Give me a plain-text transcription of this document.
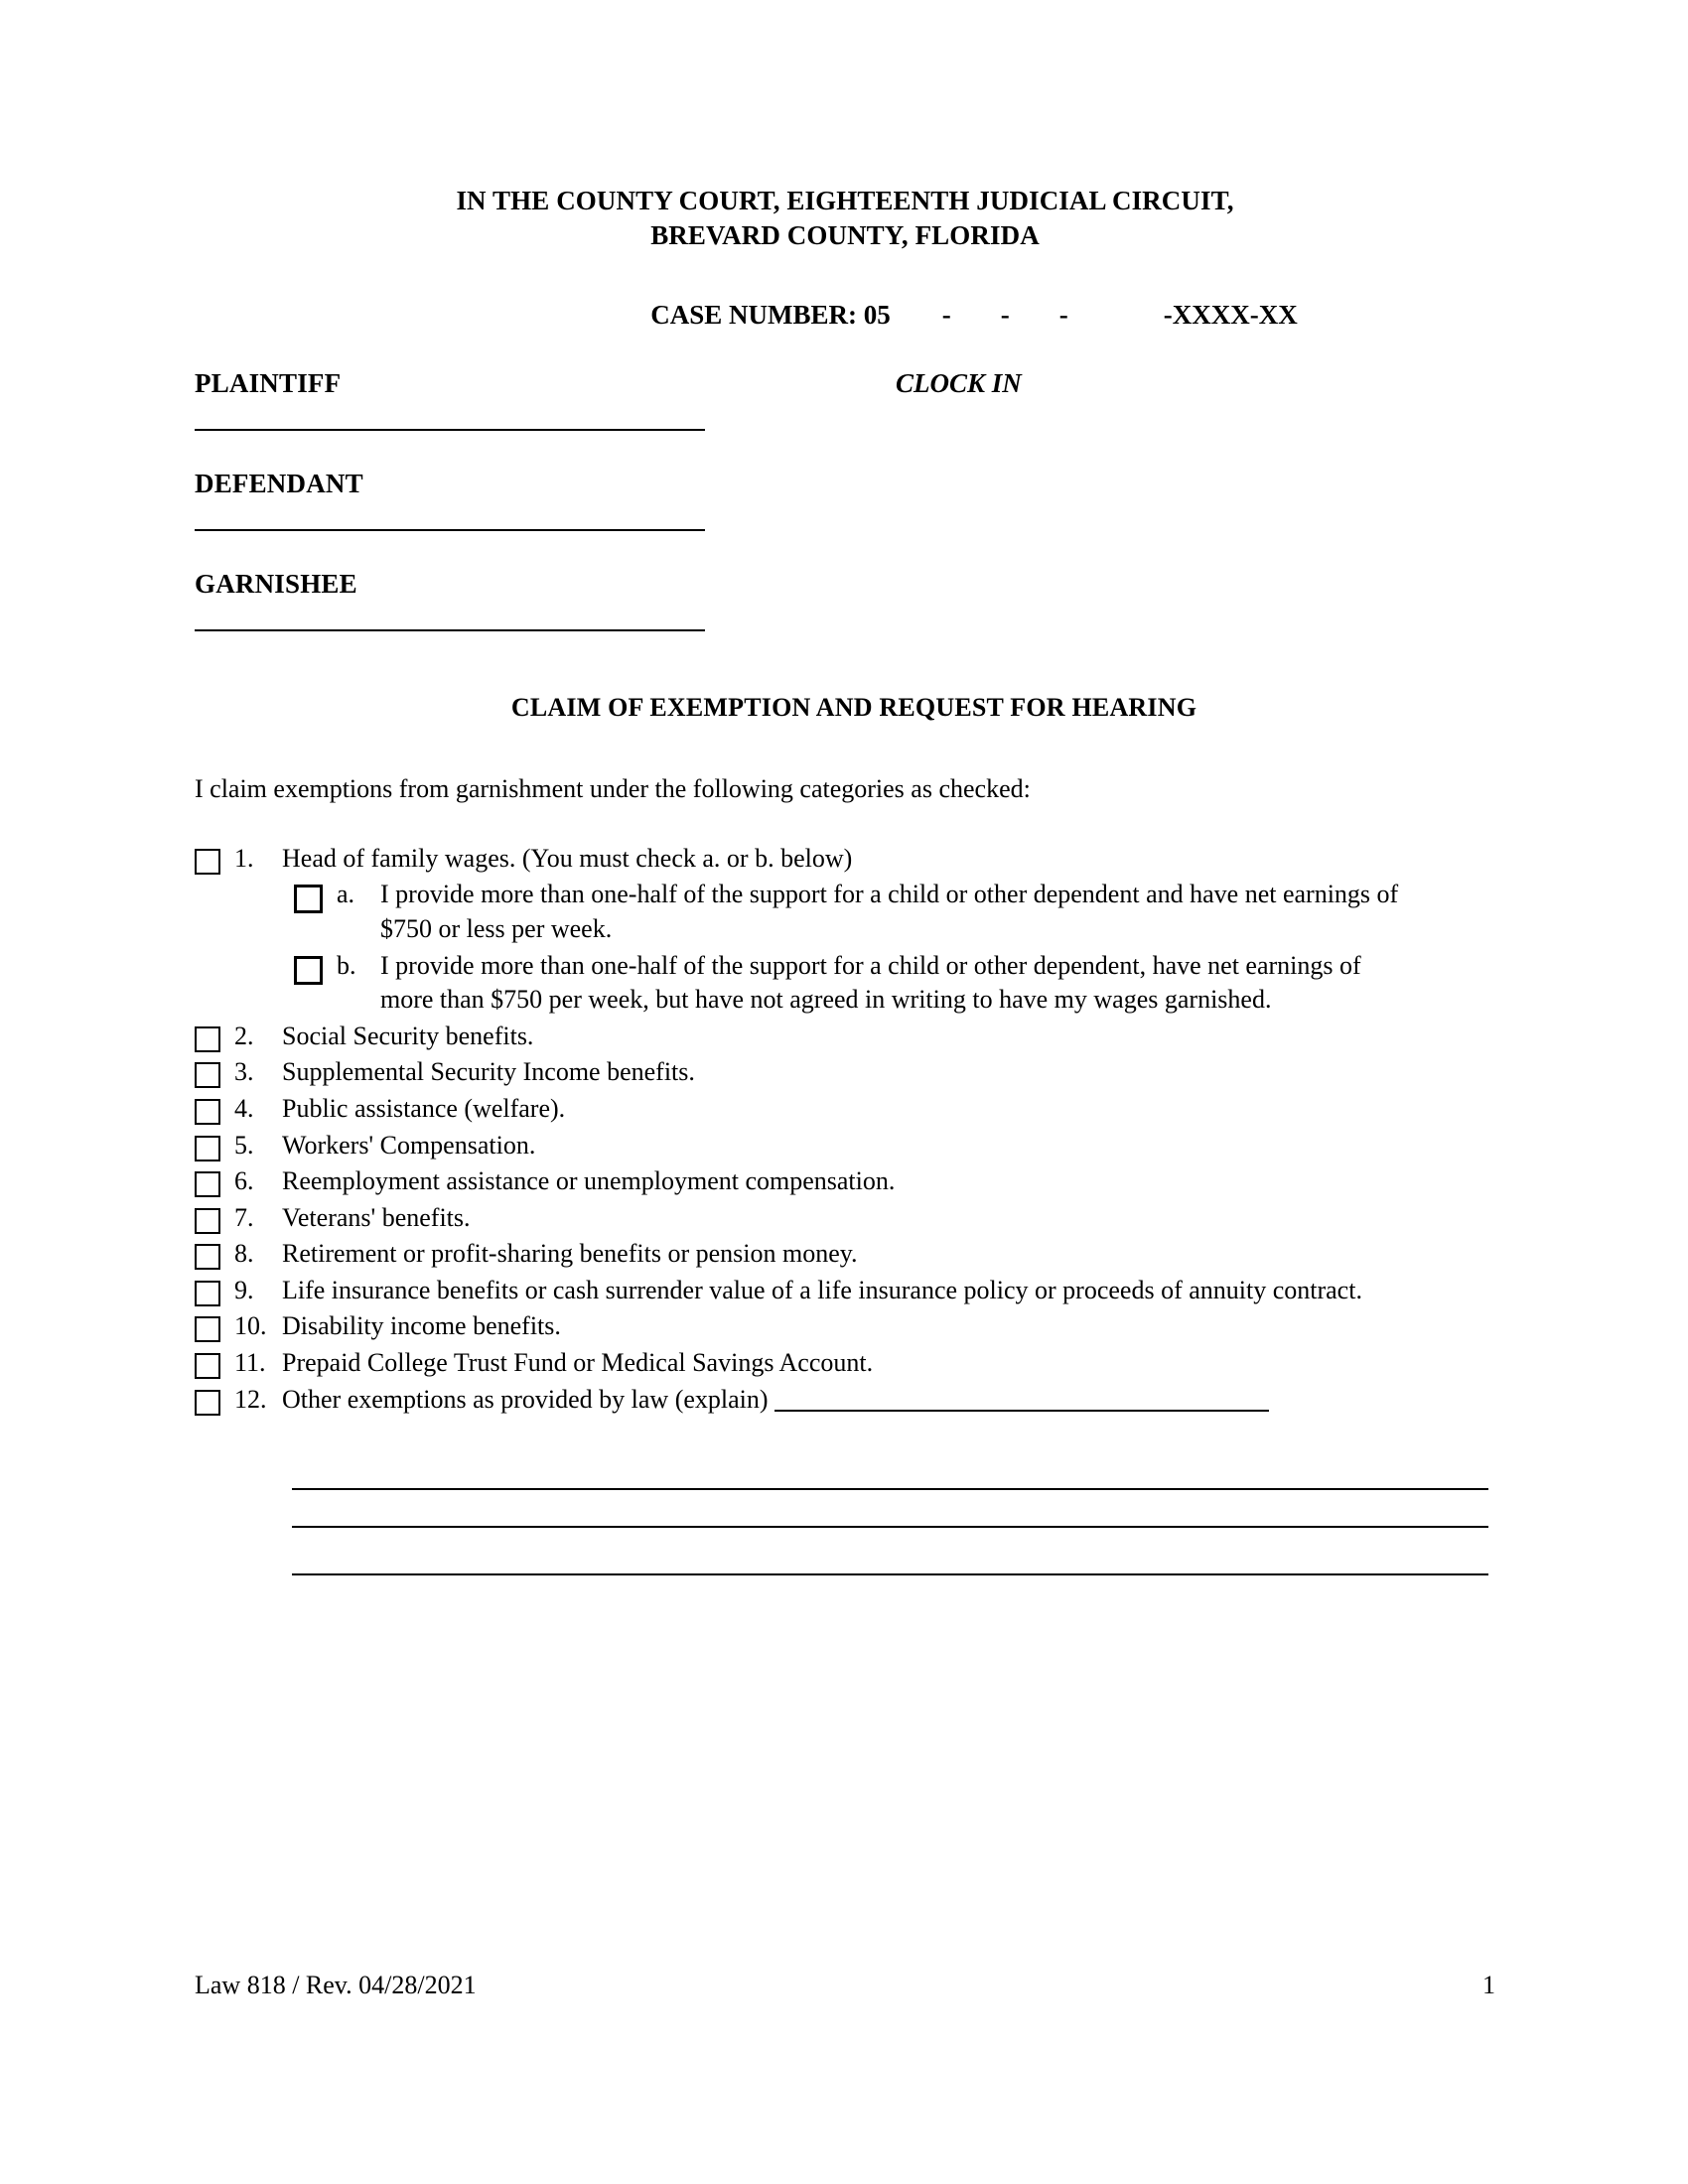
IN THE COUNTY COURT, EIGHTEENTH JUDICIAL CIRCUIT,
BREVARD COUNTY, FLORIDA
CASE NUMBER: 05 - - -	-XXXX-XX
PLAINTIFF	CLOCK IN
DEFENDANT
GARNISHEE
CLAIM OF EXEMPTION AND REQUEST FOR HEARING
I claim exemptions from garnishment under the following categories as checked:
1.	Head of family wages. (You must check a. or b. below)
a. I provide more than one-half of the support for a child or other dependent and have net earnings of $750 or less per week.
b. I provide more than one-half of the support for a child or other dependent, have net earnings of more than $750 per week, but have not agreed in writing to have my wages garnished.
2.	Social Security benefits.
3.	Supplemental Security Income benefits.
4.	Public assistance (welfare).
5.	Workers' Compensation.
6.	Reemployment assistance or unemployment compensation.
7.	Veterans' benefits.
8.	Retirement or profit-sharing benefits or pension money.
9.	Life insurance benefits or cash surrender value of a life insurance policy or proceeds of annuity contract.
10. Disability income benefits.
11. Prepaid College Trust Fund or Medical Savings Account.
12. Other exemptions as provided by law (explain)
Law 818 / Rev. 04/28/2021	1
